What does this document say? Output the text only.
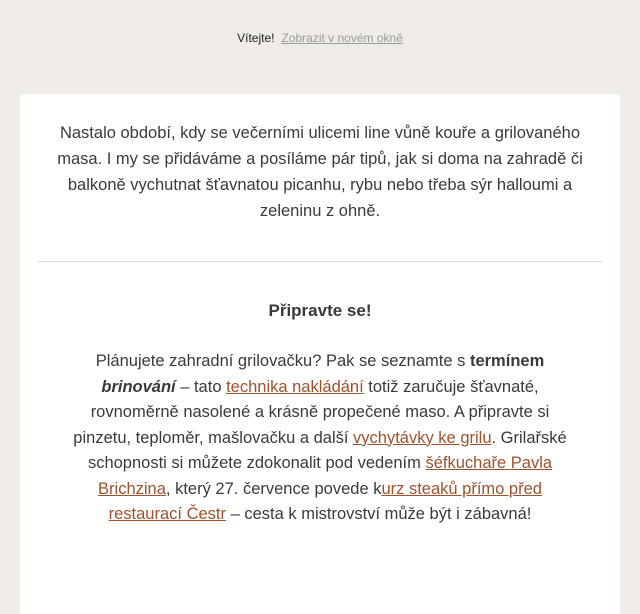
Vítejte! Zobrazit v novém okně

Nastalo období, kdy se večerními ulicemi line vůně kouře a grilovaného masa. I my se přidáváme a posíláme pár tipů, jak si doma na zahradě či balkoně vychutnat šťavnatou picanhu, rybu nebo třeba sýr halloumi a zeleninu z ohně.

Připravte se!

Plánujete zahradní grilovačku? Pak se seznamte s termínem brinování – tato technika nakládání totiž zaručuje šťavnaté, rovnoměrně nasolené a krásně propečené maso. A připravte si pinzetu, teploměr, mašlovačku a další vychytávky ke grilu. Grilařské schopnosti si můžete zdokonalit pod vedením šéfkuchaře Pavla Brichzina, který 27. července povede kurz steaků přímo před restaurací Čestr – cesta k mistrovství může být i zábavná!
